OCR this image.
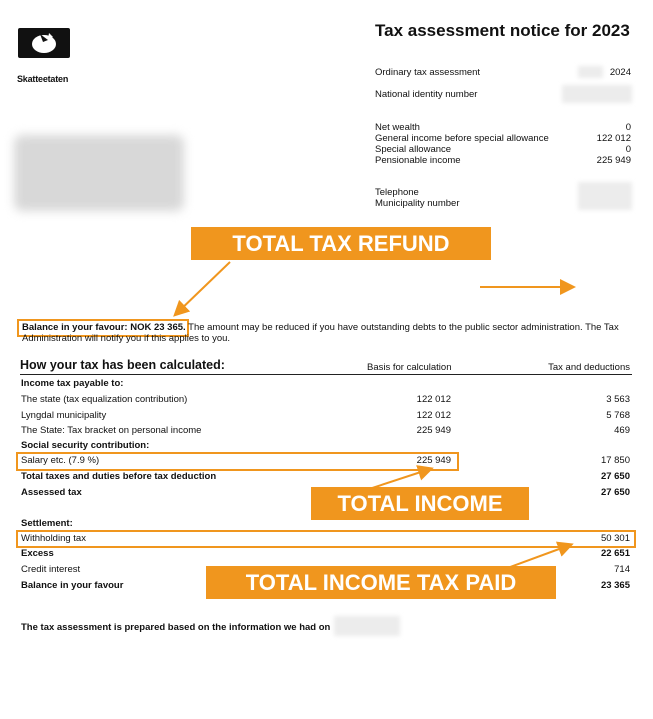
Skatteetaten
Tax assessment notice for 2023
Ordinary tax assessment	2024
National identity number
Net wealth	0
General income before special allowance	122 012
Special allowance	0
Pensionable income	225 949
Telephone
Municipality number
TOTAL TAX REFUND
Balance in your favour: NOK 23 365. The amount may be reduced if you have outstanding debts to the public sector administration. The Tax Administration will notify you if this applies to you.
How your tax has been calculated:	Basis for calculation	Tax and deductions
Income tax payable to:
The state (tax equalization contribution)	122 012	3 563
Lyngdal municipality	122 012	5 768
The State: Tax bracket on personal income	225 949	469
Social security contribution:
Salary etc. (7.9 %)	225 949	17 850
Total taxes and duties before tax deduction	27 650
Assessed tax	27 650
TOTAL INCOME
Settlement:
Withholding tax	50 301
Excess	22 651
Credit interest	714
Balance in your favour	23 365
TOTAL INCOME TAX PAID
The tax assessment is prepared based on the information we had on
